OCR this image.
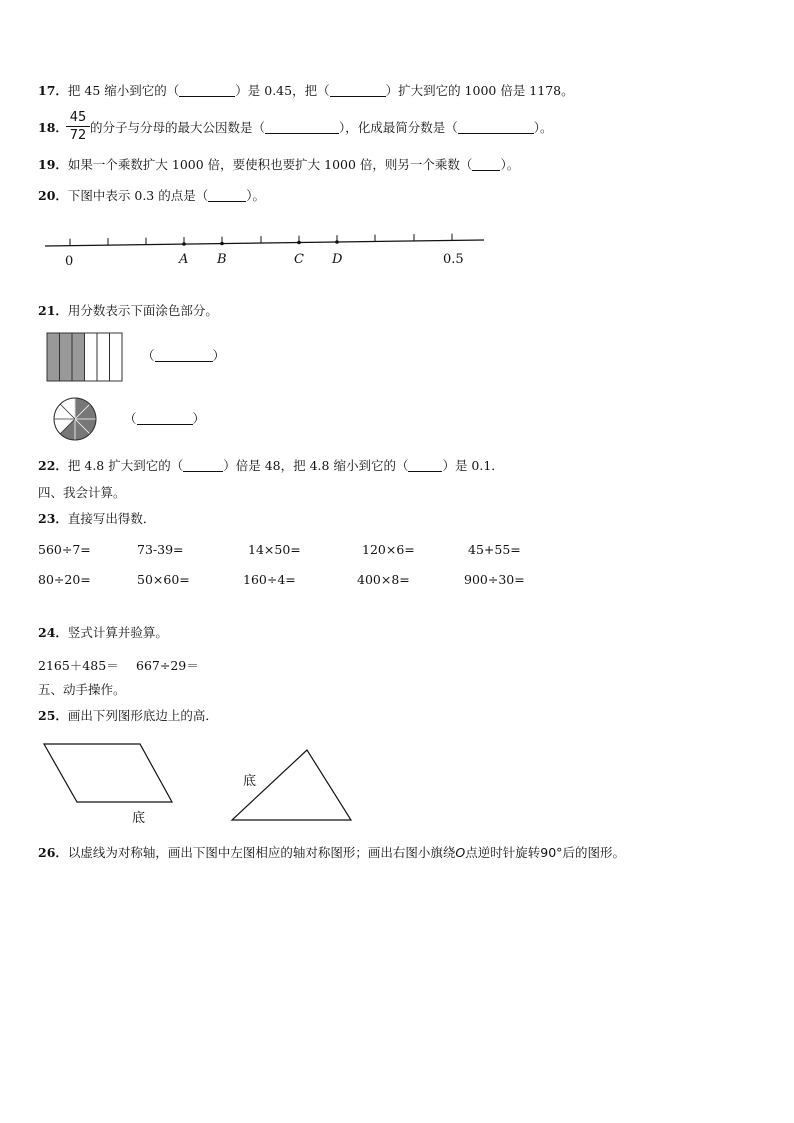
17．把 45 缩小到它的（	）是 0.45，把（	）扩大到它的 1000 倍是 1178。
18．
$\frac{45}{72}$ 的分子与分母的最大公因数是（	），化成最简分数是（	）。
19．如果一个乘数扩大 1000 倍，要使积也要扩大 1000 倍，则另一个乘数（ ）。
20．下图中表示 0.3 的点是（	）。
0	A B	C D	0.5
底
底
21．用分数表示下面涂色部分。
（	）
（	）
22．把 4.8 扩大到它的（	）倍是 48，把 4.8 缩小到它的（	）是 0.1．
四、我会计算。
23．直接写出得数．
560÷7=	73-39=	14×50=	120×6=	45+55=
80÷20=	50×60=	160÷4=	400×8=	900÷30=
24．竖式计算并验算。
2165＋485＝ 667÷29＝
五、动手操作。
25．画出下列图形底边上的高．
26．以虚线为对称轴，画出下图中左图相应的轴对称图形；画出右图小旗绕O点逆时针旋转90°后的图形。
